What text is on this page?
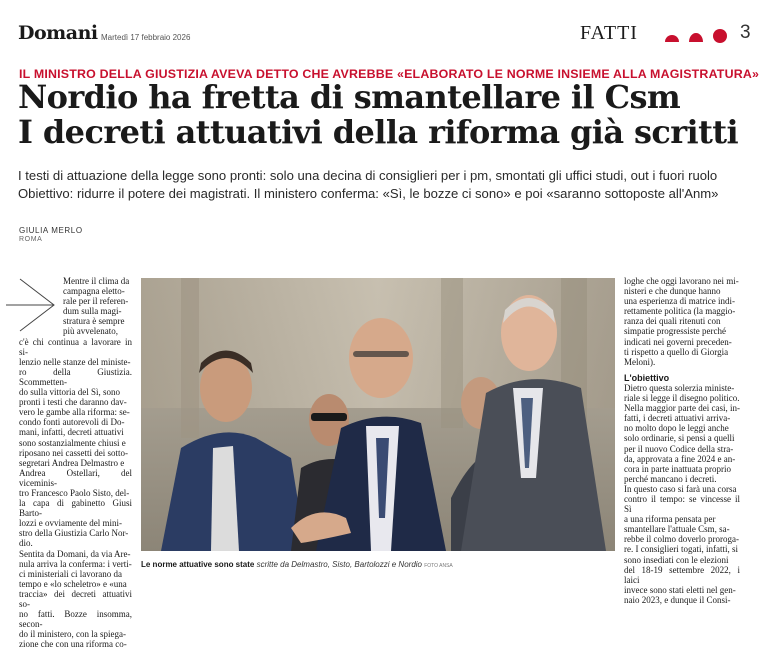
Domani Martedì 17 febbraio 2026	FATTI	3
IL MINISTRO DELLA GIUSTIZIA AVEVA DETTO CHE AVREBBE «ELABORATO LE NORME INSIEME ALLA MAGISTRATURA»
Nordio ha fretta di smantellare il Csm
I decreti attuativi della riforma già scritti
I testi di attuazione della legge sono pronti: solo una decina di consiglieri per i pm, smontati gli uffici studi, out i fuori ruolo
Obiettivo: ridurre il potere dei magistrati. Il ministero conferma: «Sì, le bozze ci sono» e poi «saranno sottoposte all'Anm»
GIULIA MERLO
ROMA

Mentre il clima da

campagna eletto-

rale per il referen-

dum sulla magi-

stratura è sempre

più avvelenato,

c'è chi continua a lavorare in si-

lenzio nelle stanze del ministe-

ro della Giustizia. Scommetten-

do sulla vittoria del Sì, sono

pronti i testi che daranno dav-

vero le gambe alla riforma: se-

condo fonti autorevoli di Do-

mani, infatti, decreti attuativi

sono sostanzialmente chiusi e

riposano nei cassetti dei sotto-

segretari Andrea Delmastro e

Andrea Ostellari, del viceminis-

tro Francesco Paolo Sisto, del-

la capa di gabinetto Giusi Barto-

lozzi e ovviamente del mini-

stro della Giustizia Carlo Nor-

dio.

Sentita da Domani, da via Are-

nula arriva la conferma: i verti-

ci ministeriali ci lavorano da

tempo e «lo scheletro» e «una

traccia» dei decreti attuativi so-

no fatti. Bozze insomma, secon-

do il ministero, con la spiega-

zione che con una riforma co-

Le norme attuative sono state scritte da Delmastro, Sisto, Bartolozzi e Nordio FOTO ANSA

loghe che oggi lavorano nei mi-

nisteri e che dunque hanno

una esperienza di matrice indi-

rettamente politica (la maggio-

ranza dei quali ritenuti con

simpatie progressiste perché

indicati nei governi preceden-

ti rispetto a quello di Giorgia

Meloni).

L'obiettivo

Dietro questa solerzia ministe-

riale si legge il disegno politico.

Nella maggior parte dei casi, in-

fatti, i decreti attuativi arriva-

no molto dopo le leggi anche

solo ordinarie, si pensi a quelli

per il nuovo Codice della stra-

da, approvata a fine 2024 e an-

cora in parte inattuata proprio

perché mancano i decreti.

In questo caso si farà una corsa

contro il tempo: se vincesse il Sì

a una riforma pensata per

smantellare l'attuale Csm, sa-

rebbe il colmo doverlo proroga-

re. I consiglieri togati, infatti, si

sono insediati con le elezioni

del 18-19 settembre 2022, i laici

invece sono stati eletti nel gen-

naio 2023, e dunque il Consi-
